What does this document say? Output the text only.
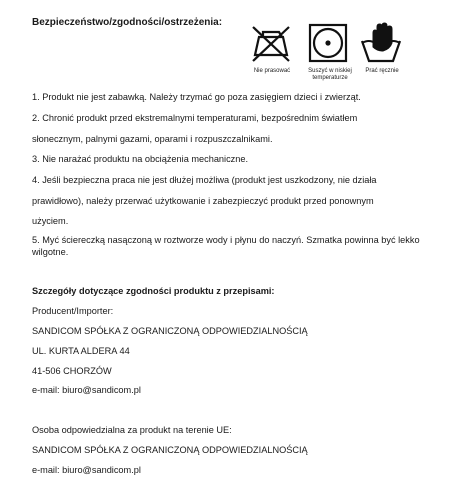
Bezpieczeństwo/zgodności/ostrzeżenia:
Nie prasować	Suszyć w niskiej
temperaturze
Prać ręcznie
1. Produkt nie jest zabawką. Należy trzymać go poza zasięgiem dzieci i zwierząt.
2. Chronić produkt przed ekstremalnymi temperaturami, bezpośrednim światłem
słonecznym, palnymi gazami, oparami i rozpuszczalnikami.
3. Nie narażać produktu na obciążenia mechaniczne.
4. Jeśli bezpieczna praca nie jest dłużej możliwa (produkt jest uszkodzony, nie działa
prawidłowo), należy przerwać użytkowanie i zabezpieczyć produkt przed ponownym
użyciem.
5. Myć ściereczką nasączoną w roztworze wody i płynu do naczyń. Szmatka powinna być lekko
wilgotne.
Szczegóły dotyczące zgodności produktu z przepisami:
Producent/Importer:
SANDICOM SPÓŁKA Z OGRANICZONĄ ODPOWIEDZIALNOŚCIĄ
UL. KURTA ALDERA 44
41-506 CHORZÓW
e-mail: biuro@sandicom.pl
Osoba odpowiedzialna za produkt na terenie UE:
SANDICOM SPÓŁKA Z OGRANICZONĄ ODPOWIEDZIALNOŚCIĄ
e-mail: biuro@sandicom.pl
